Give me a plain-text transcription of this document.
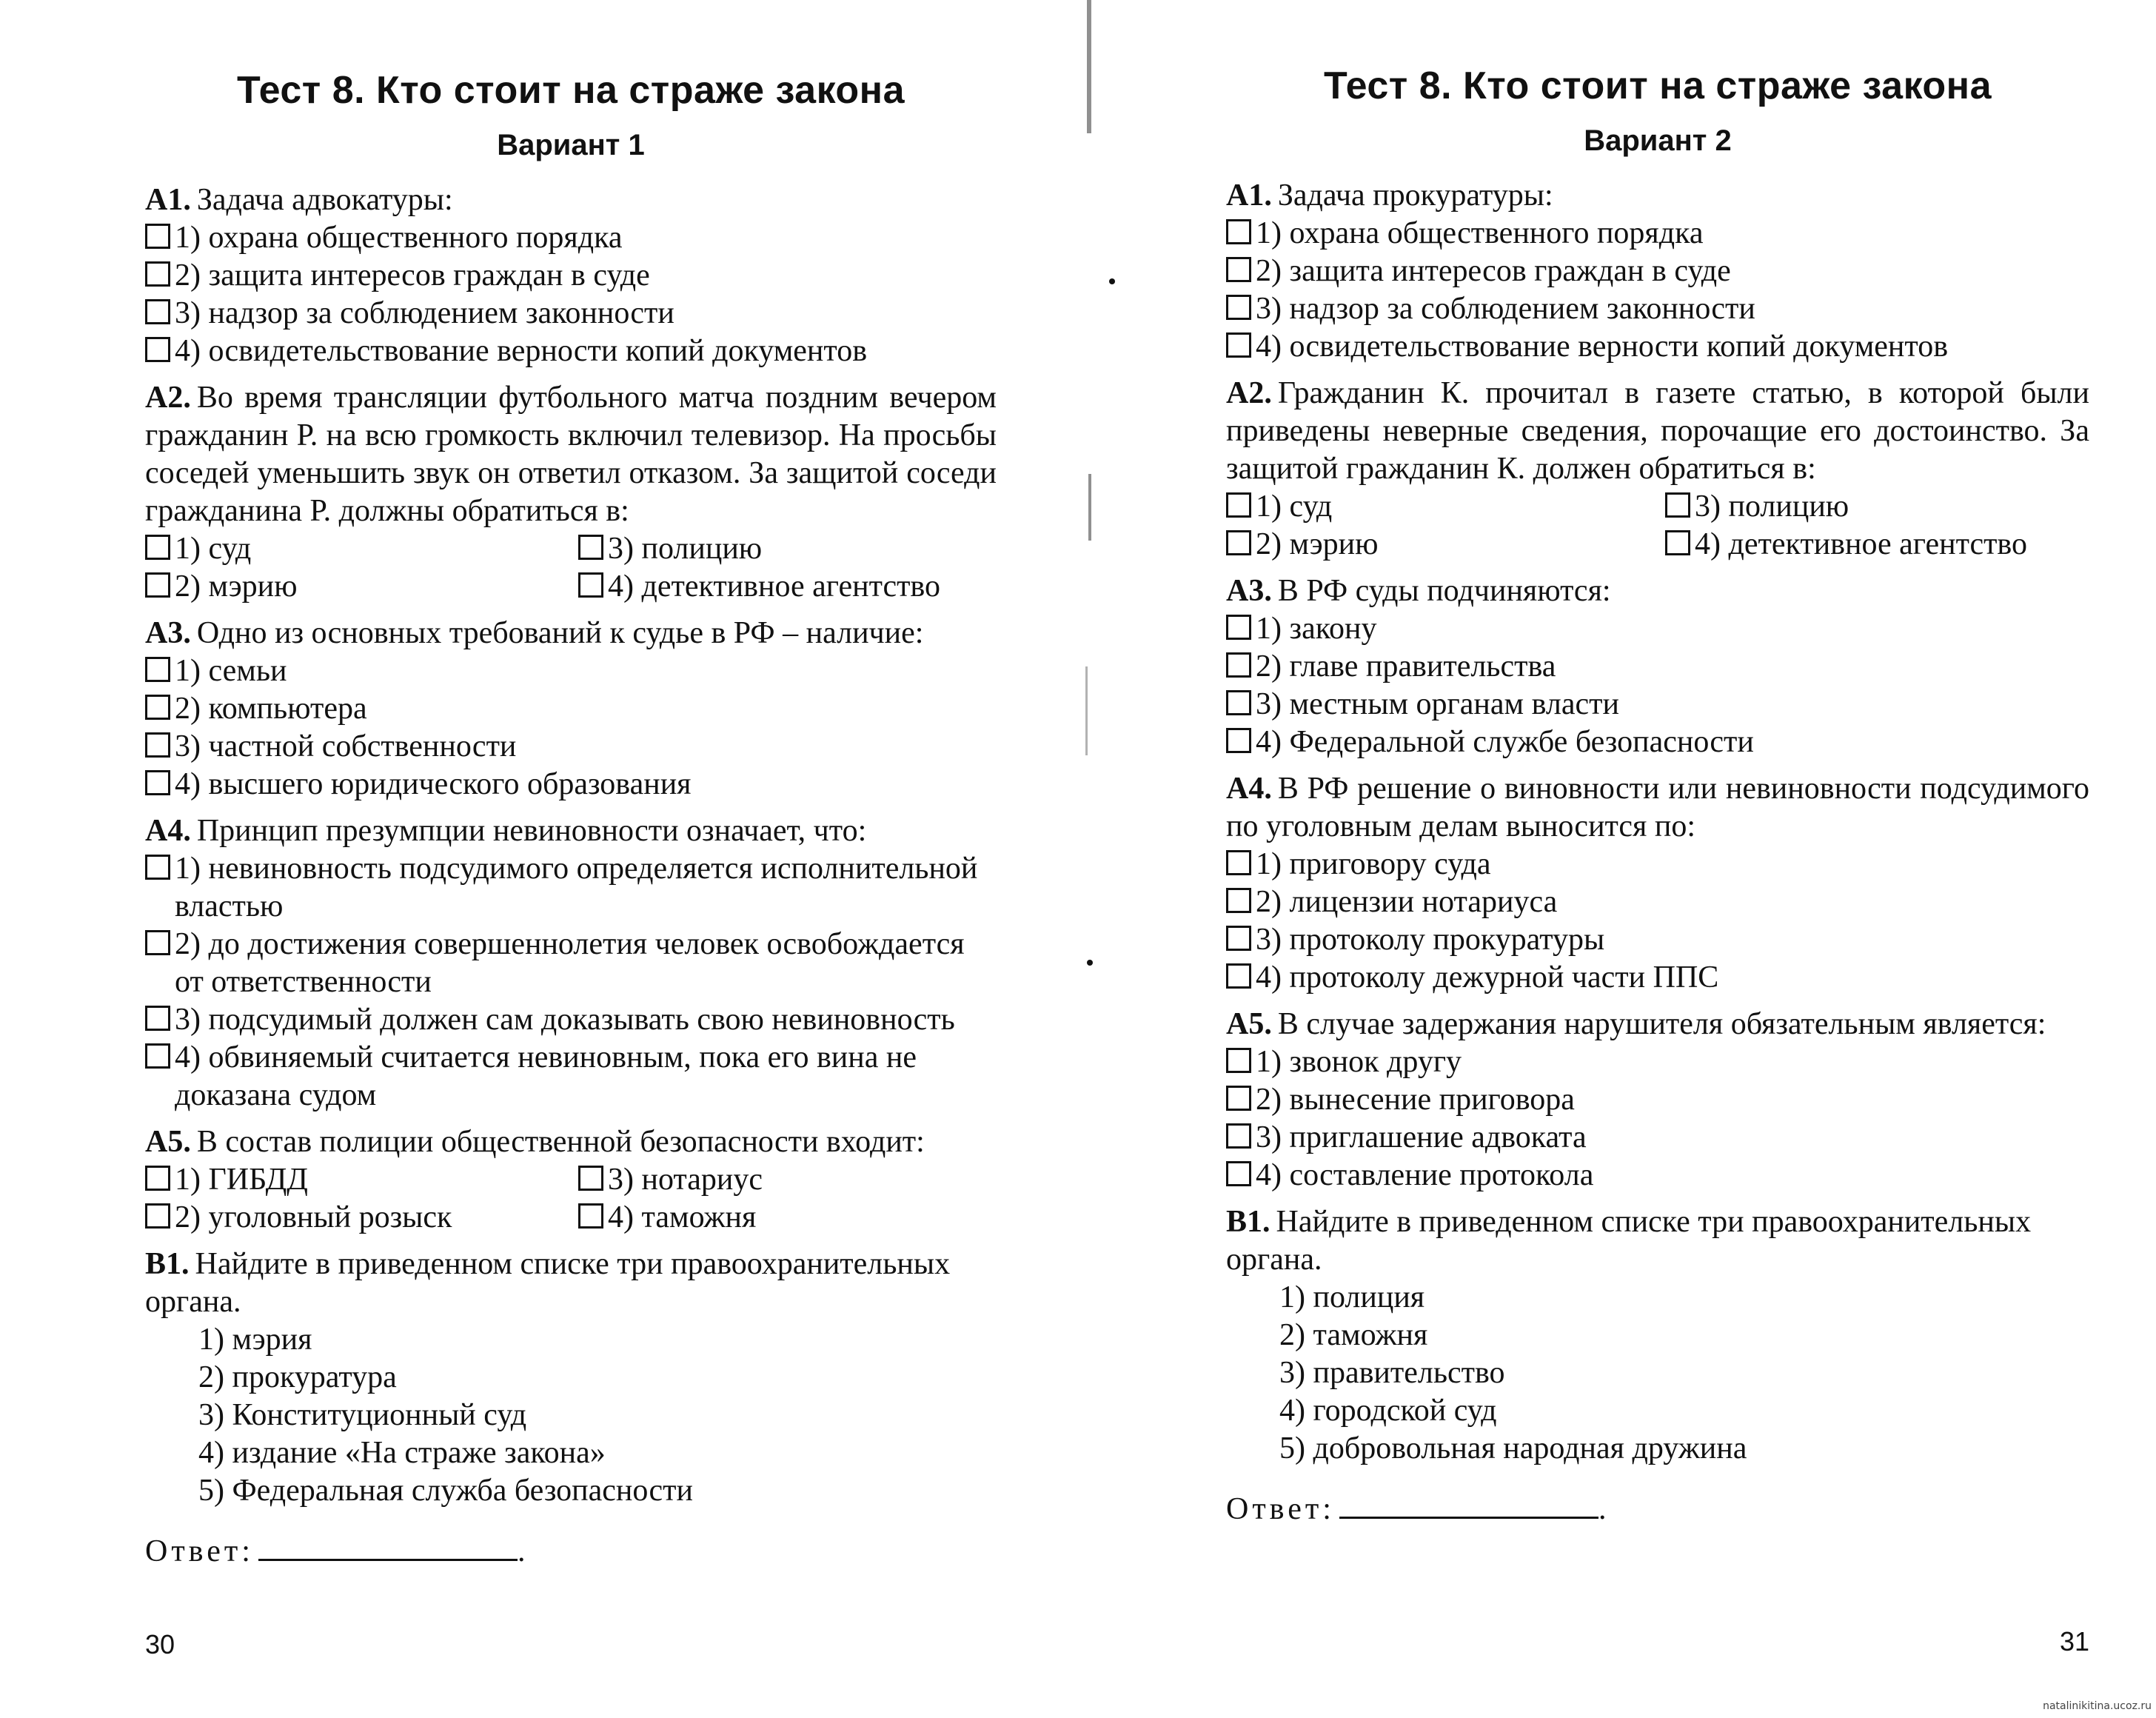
Тест 8. Кто стоит на страже закона
Вариант 1

А1. Задача адвокатуры:

1) охрана общественного порядка
2) защита интересов граждан в суде
3) надзор за соблюдением законности
4) освидетельствование верности копий документов

А2. Во время трансляции футбольного матча поздним вечером гражданин Р. на всю громкость включил телевизор. На просьбы соседей уменьшить звук он ответил отказом. За защитой соседи гражданина Р. должны обратиться в:

1) суд	3) полицию
2) мэрию	4) детективное агентство

А3. Одно из основных требований к судье в РФ – наличие:

1) семьи
2) компьютера
3) частной собственности
4) высшего юридического образования

А4. Принцип презумпции невиновности означает, что:

1) невиновность подсудимого определяется исполнительной властью
2) до достижения совершеннолетия человек освобождается от ответственности
3) подсудимый должен сам доказывать свою невиновность
4) обвиняемый считается невиновным, пока его вина не доказана судом

А5. В состав полиции общественной безопасности входит:

1) ГИБДД	3) нотариус
2) уголовный розыск	4) таможня

В1. Найдите в приведенном списке три правоохранительных органа.

1) мэрия
2) прокуратура
3) Конституционный суд
4) издание «На страже закона»
5) Федеральная служба безопасности
Ответ:	.
30
Тест 8. Кто стоит на страже закона
Вариант 2

А1. Задача прокуратуры:

1) охрана общественного порядка
2) защита интересов граждан в суде
3) надзор за соблюдением законности
4) освидетельствование верности копий документов

А2. Гражданин К. прочитал в газете статью, в которой были приведены неверные сведения, порочащие его достоинство. За защитой гражданин К. должен обратиться в:

1) суд	3) полицию
2) мэрию	4) детективное агентство

А3. В РФ суды подчиняются:

1) закону
2) главе правительства
3) местным органам власти
4) Федеральной службе безопасности

А4. В РФ решение о виновности или невиновности подсудимого по уголовным делам выносится по:

1) приговору суда
2) лицензии нотариуса
3) протоколу прокуратуры
4) протоколу дежурной части ППС

А5. В случае задержания нарушителя обязательным является:

1) звонок другу
2) вынесение приговора
3) приглашение адвоката
4) составление протокола

В1. Найдите в приведенном списке три правоохранительных органа.

1) полиция
2) таможня
3) правительство
4) городской суд
5) добровольная народная дружина
Ответ:	.
31
natalinikitina.ucoz.ru
